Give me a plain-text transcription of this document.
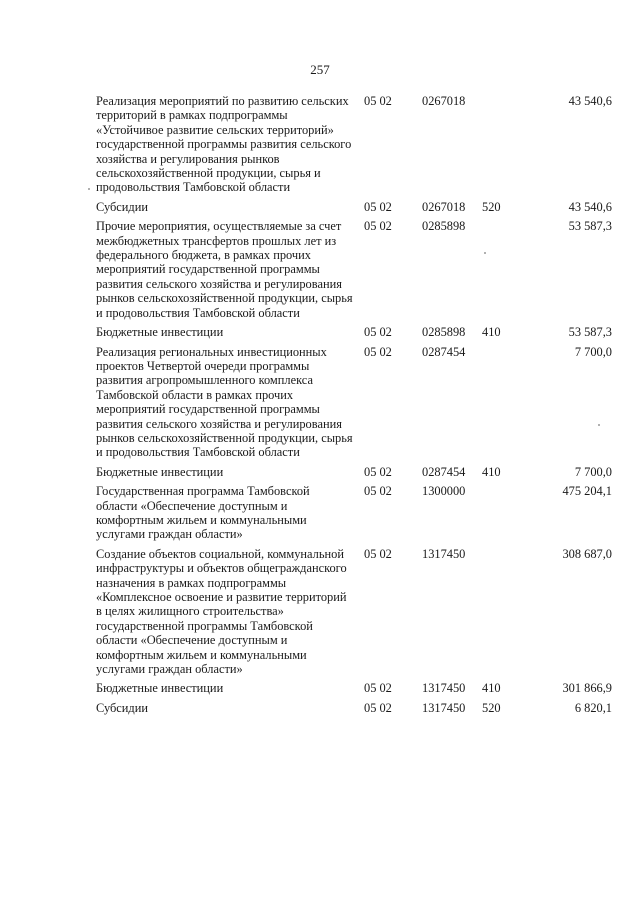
257
Реализация мероприятий по развитию сельских территорий в рамках подпрограммы «Устойчивое развитие сельских территорий» государственной программы развития сельского хозяйства и регулирования рынков сельскохозяйственной продукции, сырья и продовольствия Тамбовской области	05 02	0267018		43 540,6
Субсидии	05 02	0267018	520	43 540,6
Прочие мероприятия, осуществляемые за счет межбюджетных трансфертов прошлых лет из федерального бюджета, в рамках прочих мероприятий государственной программы развития сельского хозяйства и регулирования рынков сельскохозяйственной продукции, сырья и продовольствия Тамбовской области	05 02	0285898		53 587,3
Бюджетные инвестиции	05 02	0285898	410	53 587,3
Реализация региональных инвестиционных проектов Четвертой очереди программы развития агропромышленного комплекса Тамбовской области в рамках прочих мероприятий государственной программы развития сельского хозяйства и регулирования рынков сельскохозяйственной продукции, сырья и продовольствия Тамбовской области	05 02	0287454		7 700,0
Бюджетные инвестиции	05 02	0287454	410	7 700,0
Государственная программа Тамбовской области «Обеспечение доступным и комфортным жильем и коммунальными услугами граждан области»	05 02	1300000		475 204,1
Создание объектов социальной, коммунальной инфраструктуры и объектов общегражданского назначения в рамках подпрограммы «Комплексное освоение и развитие территорий в целях жилищного строительства» государственной программы Тамбовской области «Обеспечение доступным и комфортным жильем и коммунальными услугами граждан области»	05 02	1317450		308 687,0
Бюджетные инвестиции	05 02	1317450	410	301 866,9
Субсидии	05 02	1317450	520	6 820,1
